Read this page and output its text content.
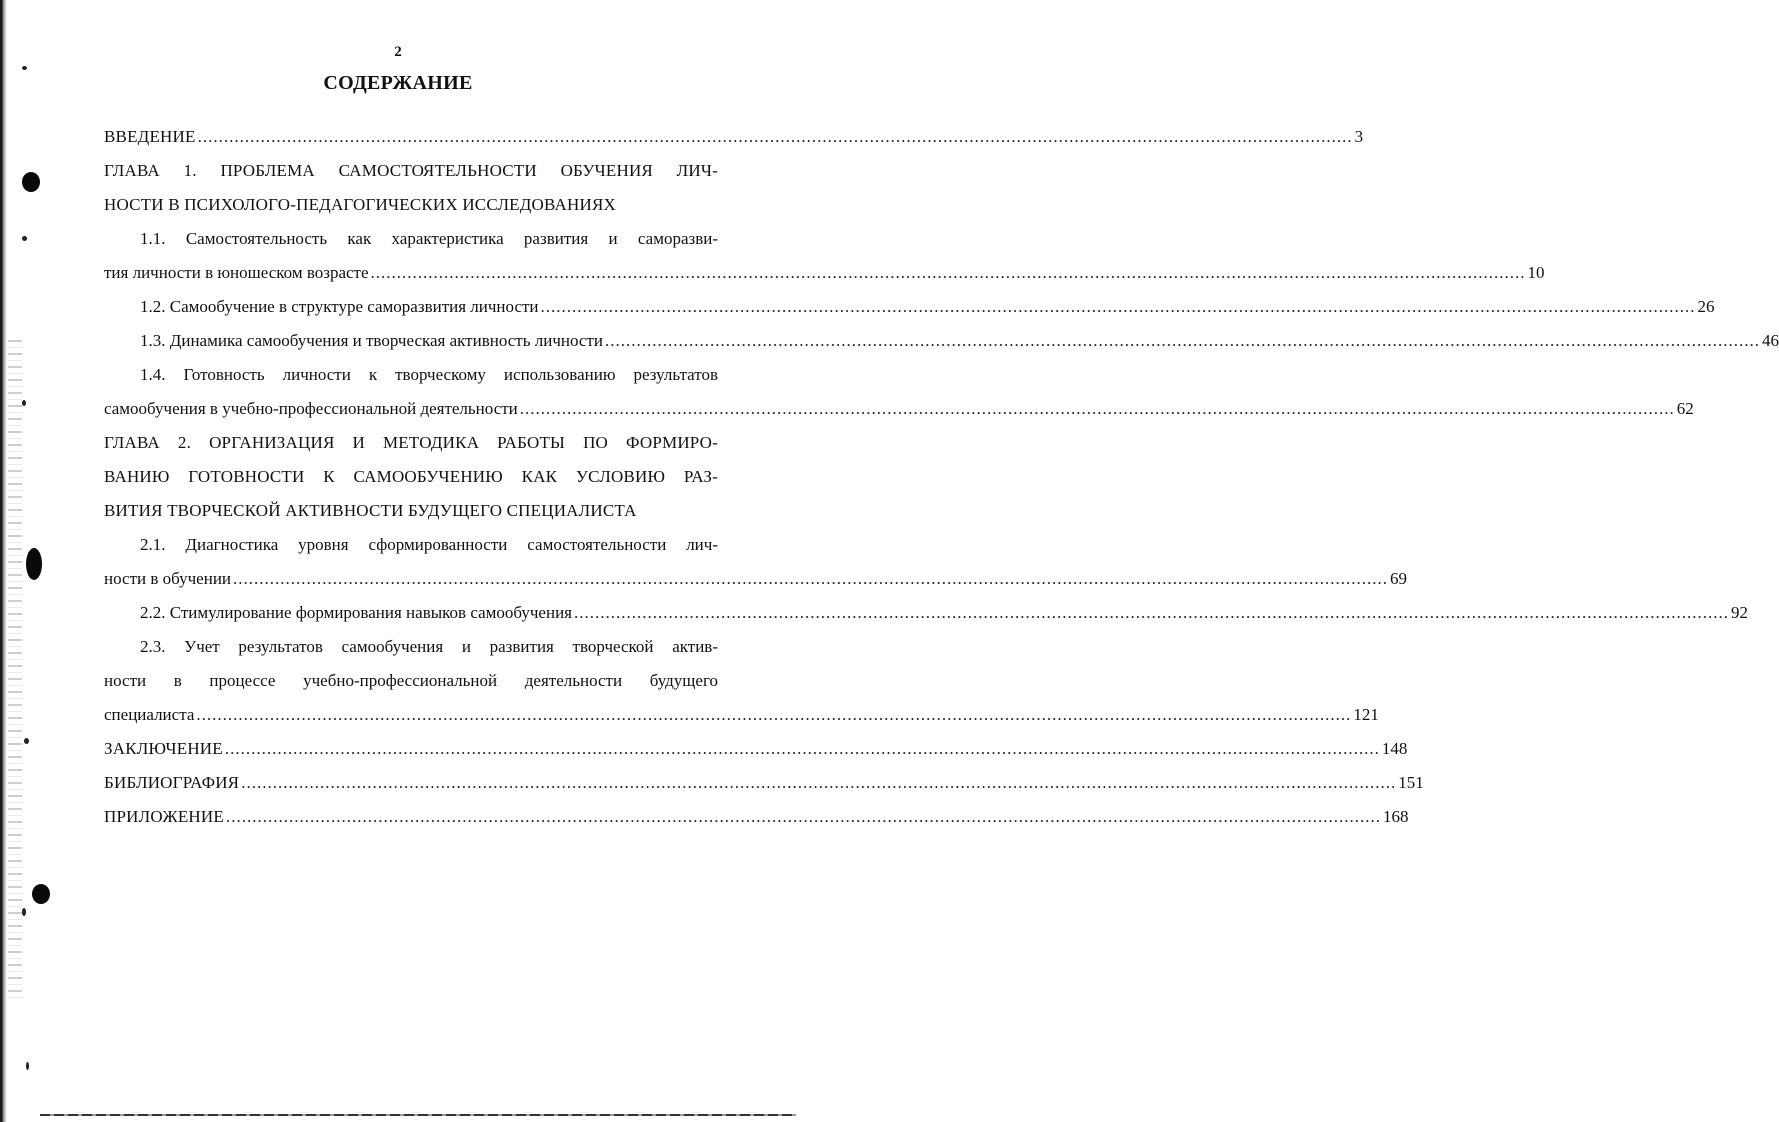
2
СОДЕРЖАНИЕ
ВВЕДЕНИЕ ............................................................................................................................................................................................................................ 3
ГЛАВА 1. ПРОБЛЕМА САМОСТОЯТЕЛЬНОСТИ ОБУЧЕНИЯ ЛИЧ-
НОСТИ В ПСИХОЛОГО-ПЕДАГОГИЧЕСКИХ ИССЛЕДОВАНИЯХ
1.1. Самостоятельность как характеристика развития и саморазви-
тия личности в юношеском возрасте ............................................................................................................................................................................................................................ 10
1.2. Самообучение в структуре саморазвития личности ............................................................................................................................................................................................................................ 26
1.3. Динамика самообучения и творческая активность личности ............................................................................................................................................................................................................................ 46
1.4. Готовность личности к творческому использованию результатов
самообучения в учебно-профессиональной деятельности ............................................................................................................................................................................................................................ 62
ГЛАВА 2. ОРГАНИЗАЦИЯ И МЕТОДИКА РАБОТЫ ПО ФОРМИРО-
ВАНИЮ ГОТОВНОСТИ К САМООБУЧЕНИЮ КАК УСЛОВИЮ РАЗ-
ВИТИЯ ТВОРЧЕСКОЙ АКТИВНОСТИ БУДУЩЕГО СПЕЦИАЛИСТА
2.1. Диагностика уровня сформированности самостоятельности лич-
ности в обучении ............................................................................................................................................................................................................................ 69
2.2. Стимулирование формирования навыков самообучения ............................................................................................................................................................................................................................ 92
2.3. Учет результатов самообучения и развития творческой актив-
ности в процессе учебно-профессиональной деятельности будущего
специалиста ............................................................................................................................................................................................................................ 121
ЗАКЛЮЧЕНИЕ ............................................................................................................................................................................................................................ 148
БИБЛИОГРАФИЯ ............................................................................................................................................................................................................................ 151
ПРИЛОЖЕНИЕ ............................................................................................................................................................................................................................ 168
